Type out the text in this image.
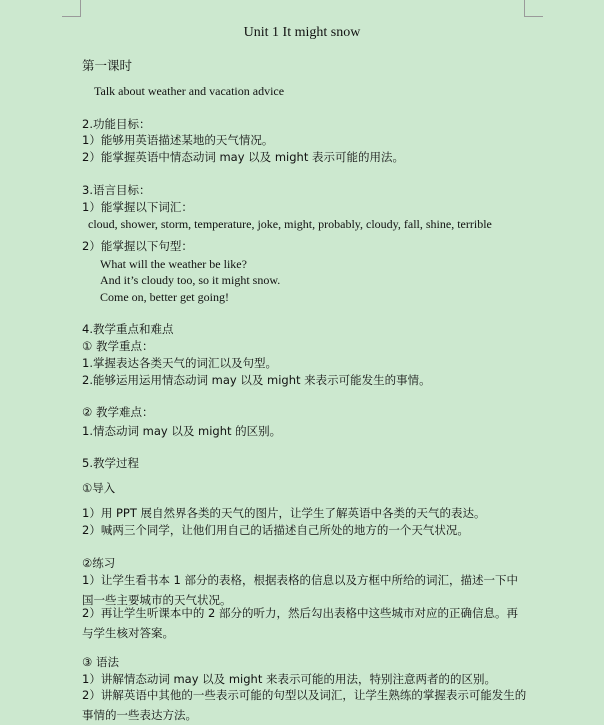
Unit 1 It might snow
第一课时
Talk about weather and vacation advice
2.功能目标：
1）能够用英语描述某地的天气情况。
2）能掌握英语中情态动词 may 以及 might 表示可能的用法。
3.语言目标：
1）能掌握以下词汇：
cloud, shower, storm, temperature, joke, might, probably, cloudy, fall, shine, terrible
2）能掌握以下句型：
What will the weather be like?
And it’s cloudy too, so it might snow.
Come on, better get going!
4.教学重点和难点
① 教学重点：
1.掌握表达各类天气的词汇以及句型。
2.能够运用运用情态动词 may 以及 might 来表示可能发生的事情。
② 教学难点：
1.情态动词 may 以及 might 的区别。
5.教学过程
①导入
1）用 PPT 展自然界各类的天气的图片，让学生了解英语中各类的天气的表达。
2）喊两三个同学，让他们用自己的话描述自己所处的地方的一个天气状况。
②练习
1）让学生看书本 1 部分的表格，根据表格的信息以及方框中所给的词汇，描述一下中国一些主要城市的天气状况。
2）再让学生听课本中的 2 部分的听力，然后勾出表格中这些城市对应的正确信息。再与学生核对答案。
③ 语法
1）讲解情态动词 may 以及 might 来表示可能的用法，特别注意两者的的区别。
2）讲解英语中其他的一些表示可能的句型以及词汇，让学生熟练的掌握表示可能发生的事情的一些表达方法。
